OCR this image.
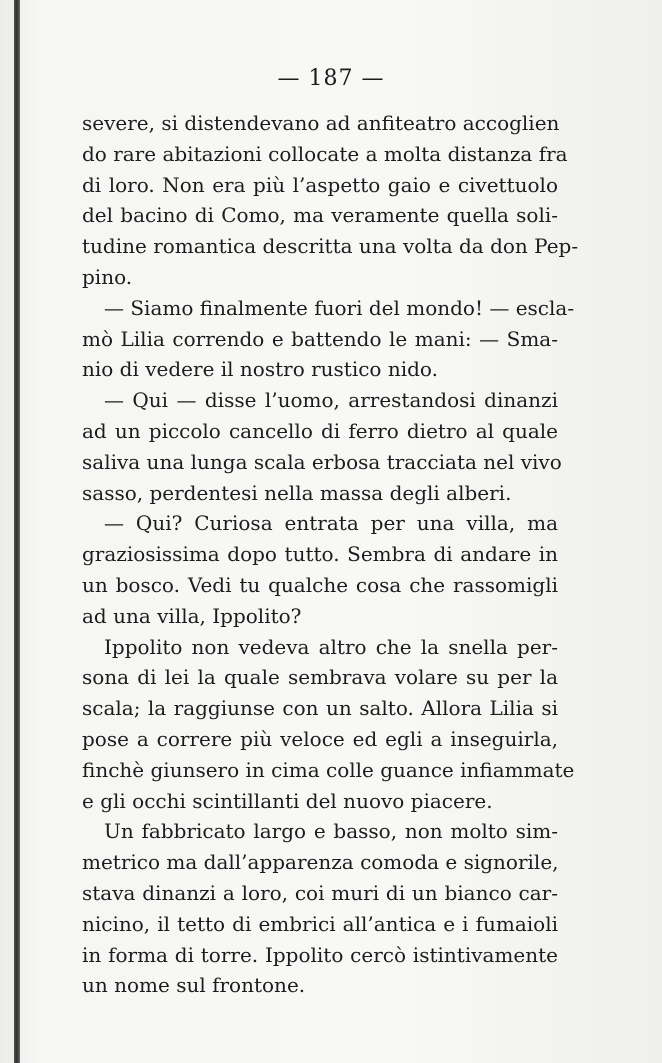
— 187 —
severe, si distendevano ad anfiteatro accoglien
do rare abitazioni collocate a molta distanza fra
di loro. Non era più l’aspetto gaio e civettuolo
del bacino di Como, ma veramente quella soli-
tudine romantica descritta una volta da don Pep-
pino.
— Siamo finalmente fuori del mondo! — escla-
mò Lilia correndo e battendo le mani: — Sma-
nio di vedere il nostro rustico nido.
— Qui — disse l’uomo, arrestandosi dinanzi
ad un piccolo cancello di ferro dietro al quale
saliva una lunga scala erbosa tracciata nel vivo
sasso, perdentesi nella massa degli alberi.
— Qui? Curiosa entrata per una villa, ma
graziosissima dopo tutto. Sembra di andare in
un bosco. Vedi tu qualche cosa che rassomigli
ad una villa, Ippolito?
Ippolito non vedeva altro che la snella per-
sona di lei la quale sembrava volare su per la
scala; la raggiunse con un salto. Allora Lilia si
pose a correre più veloce ed egli a inseguirla,
finchè giunsero in cima colle guance infiammate
e gli occhi scintillanti del nuovo piacere.
Un fabbricato largo e basso, non molto sim-
metrico ma dall’apparenza comoda e signorile,
stava dinanzi a loro, coi muri di un bianco car-
nicino, il tetto di embrici all’antica e i fumaioli
in forma di torre. Ippolito cercò istintivamente
un nome sul frontone.
